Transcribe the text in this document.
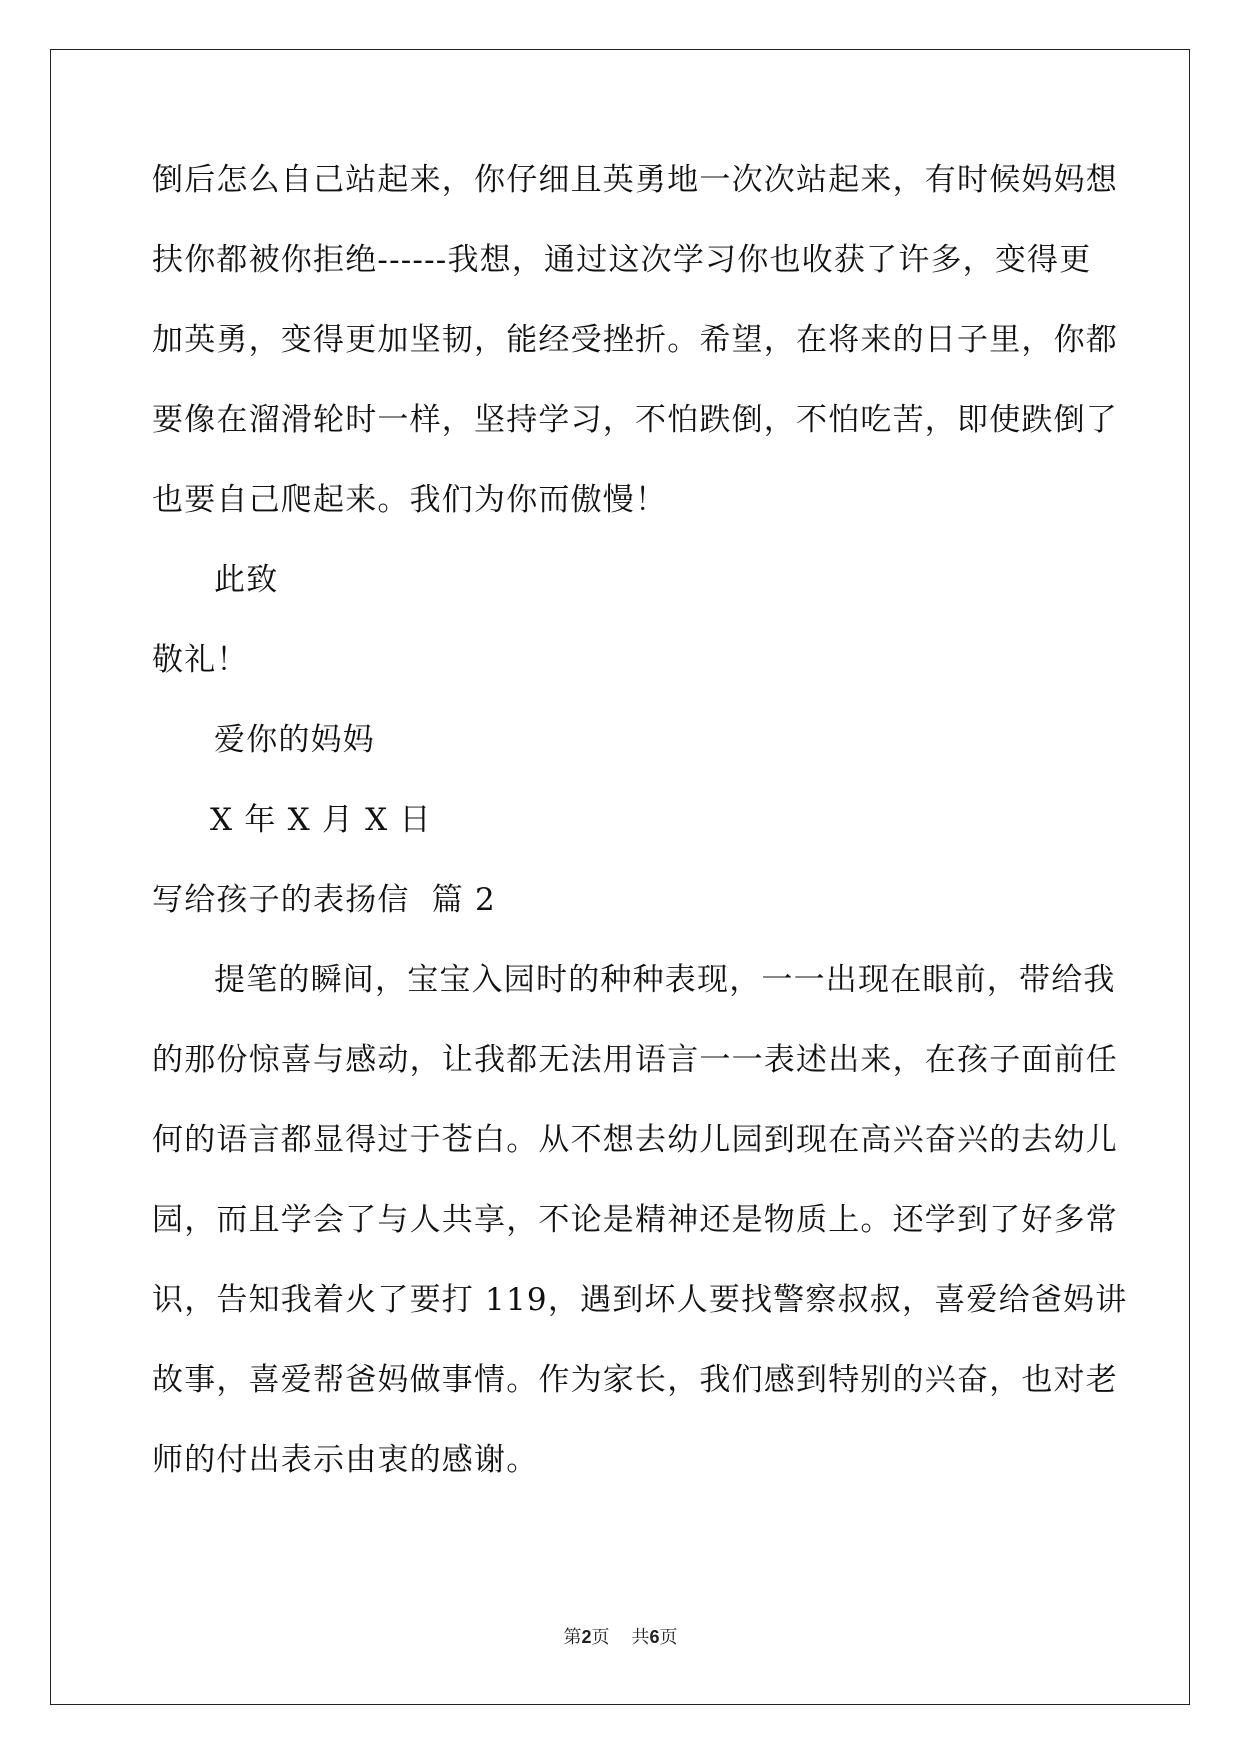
倒后怎么自己站起来，你仔细且英勇地一次次站起来，有时候妈妈想
扶你都被你拒绝------我想，通过这次学习你也收获了许多，变得更
加英勇，变得更加坚韧，能经受挫折。希望，在将来的日子里，你都
要像在溜滑轮时一样，坚持学习，不怕跌倒，不怕吃苦，即使跌倒了
也要自己爬起来。我们为你而傲慢！
此致
敬礼！
爱你的妈妈
X 年 X 月 X 日
写给孩子的表扬信  篇 2
提笔的瞬间，宝宝入园时的种种表现，一一出现在眼前，带给我
的那份惊喜与感动，让我都无法用语言一一表述出来，在孩子面前任
何的语言都显得过于苍白。从不想去幼儿园到现在高兴奋兴的去幼儿
园，而且学会了与人共享，不论是精神还是物质上。还学到了好多常
识，告知我着火了要打 119，遇到坏人要找警察叔叔，喜爱给爸妈讲
故事，喜爱帮爸妈做事情。作为家长，我们感到特别的兴奋，也对老
师的付出表示由衷的感谢。
第2页 共6页
